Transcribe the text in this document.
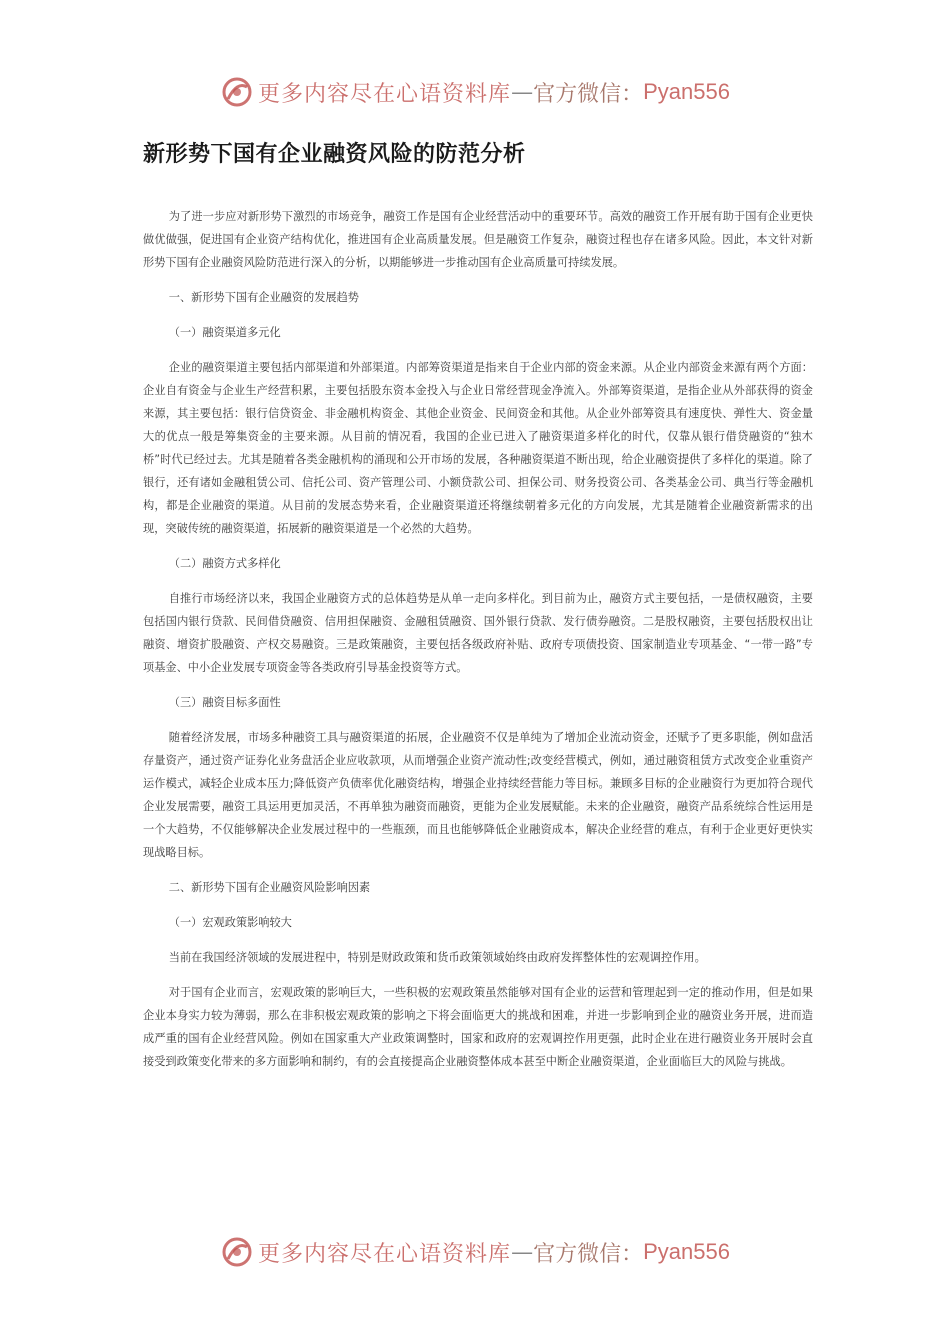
更多内容尽在心语资料库 — 官方微信： Pyan556
新形势下国有企业融资风险的防范分析

为了进一步应对新形势下激烈的市场竞争，融资工作是国有企业经营活动中的重要环节。高效的融资工作开展有助于国有企业更快做优做强，促进国有企业资产结构优化，推进国有企业高质量发展。但是融资工作复杂，融资过程也存在诸多风险。因此，本文针对新形势下国有企业融资风险防范进行深入的分析，以期能够进一步推动国有企业高质量可持续发展。

一、新形势下国有企业融资的发展趋势

（一）融资渠道多元化

企业的融资渠道主要包括内部渠道和外部渠道。内部筹资渠道是指来自于企业内部的资金来源。从企业内部资金来源有两个方面：企业自有资金与企业生产经营积累，主要包括股东资本金投入与企业日常经营现金净流入。外部筹资渠道，是指企业从外部获得的资金来源，其主要包括：银行信贷资金、非金融机构资金、其他企业资金、民间资金和其他。从企业外部筹资具有速度快、弹性大、资金量大的优点一般是筹集资金的主要来源。从目前的情况看，我国的企业已进入了融资渠道多样化的时代，仅靠从银行借贷融资的“独木桥”时代已经过去。尤其是随着各类金融机构的涌现和公开市场的发展，各种融资渠道不断出现，给企业融资提供了多样化的渠道。除了银行，还有诸如金融租赁公司、信托公司、资产管理公司、小额贷款公司、担保公司、财务投资公司、各类基金公司、典当行等金融机构，都是企业融资的渠道。从目前的发展态势来看，企业融资渠道还将继续朝着多元化的方向发展，尤其是随着企业融资新需求的出现，突破传统的融资渠道，拓展新的融资渠道是一个必然的大趋势。

（二）融资方式多样化

自推行市场经济以来，我国企业融资方式的总体趋势是从单一走向多样化。到目前为止，融资方式主要包括，一是债权融资，主要包括国内银行贷款、民间借贷融资、信用担保融资、金融租赁融资、国外银行贷款、发行债券融资。二是股权融资，主要包括股权出让融资、增资扩股融资、产权交易融资。三是政策融资，主要包括各级政府补贴、政府专项债投资、国家制造业专项基金、“一带一路”专项基金、中小企业发展专项资金等各类政府引导基金投资等方式。

（三）融资目标多面性

随着经济发展，市场多种融资工具与融资渠道的拓展，企业融资不仅是单纯为了增加企业流动资金，还赋予了更多职能，例如盘活存量资产，通过资产证券化业务盘活企业应收款项，从而增强企业资产流动性;改变经营模式，例如，通过融资租赁方式改变企业重资产运作模式，减轻企业成本压力;降低资产负债率优化融资结构，增强企业持续经营能力等目标。兼顾多目标的企业融资行为更加符合现代企业发展需要，融资工具运用更加灵活，不再单独为融资而融资，更能为企业发展赋能。未来的企业融资，融资产品系统综合性运用是一个大趋势，不仅能够解决企业发展过程中的一些瓶颈，而且也能够降低企业融资成本，解决企业经营的难点，有利于企业更好更快实现战略目标。

二、新形势下国有企业融资风险影响因素

（一）宏观政策影响较大

当前在我国经济领域的发展进程中，特别是财政政策和货币政策领域始终由政府发挥整体性的宏观调控作用。

对于国有企业而言，宏观政策的影响巨大，一些积极的宏观政策虽然能够对国有企业的运营和管理起到一定的推动作用，但是如果企业本身实力较为薄弱，那么在非积极宏观政策的影响之下将会面临更大的挑战和困难，并进一步影响到企业的融资业务开展，进而造成严重的国有企业经营风险。例如在国家重大产业政策调整时，国家和政府的宏观调控作用更强，此时企业在进行融资业务开展时会直接受到政策变化带来的多方面影响和制约，有的会直接提高企业融资整体成本甚至中断企业融资渠道，企业面临巨大的风险与挑战。

更多内容尽在心语资料库 — 官方微信： Pyan556
